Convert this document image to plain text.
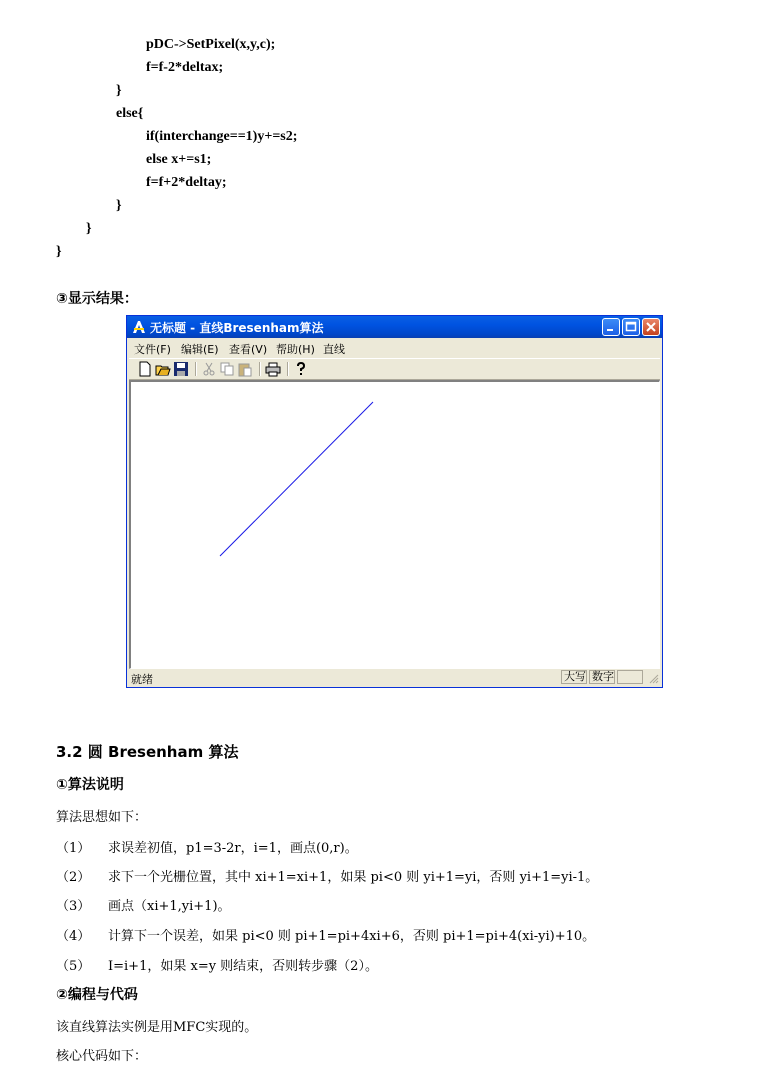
pDC->SetPixel(x,y,c);
f=f-2*deltax;
}
else{
if(interchange==1)y+=s2;
else x+=s1;
f=f+2*deltay;
}
}
}
③显示结果：
无标题 - 直线Bresenham算法
文件(F) 编辑(E) 查看(V) 帮助(H) 直线
就绪	大写 数字
3.2 圆 Bresenham 算法
①算法说明
算法思想如下：
（1） 求误差初值，p1=3-2r，i=1，画点(0,r)。
（2） 求下一个光栅位置，其中 xi+1=xi+1，如果 pi<0 则 yi+1=yi，否则 yi+1=yi-1。
（3） 画点（xi+1,yi+1)。
（4） 计算下一个误差，如果 pi<0 则 pi+1=pi+4xi+6，否则 pi+1=pi+4(xi-yi)+10。
（5） I=i+1，如果 x=y 则结束，否则转步骤（2）。
②编程与代码
该直线算法实例是用MFC实现的。
核心代码如下：
